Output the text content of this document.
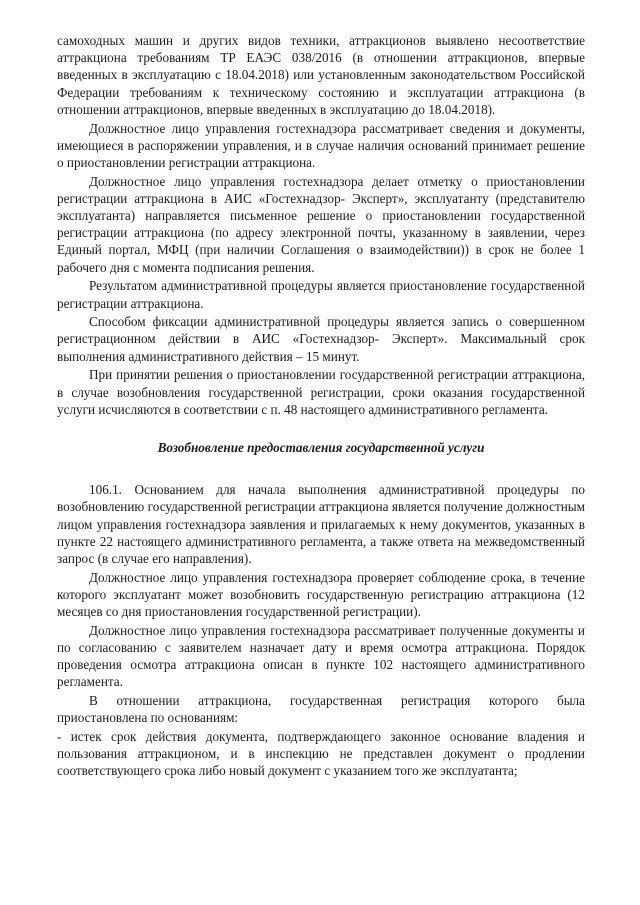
самоходных машин и других видов техники, аттракционов выявлено несоответствие аттракциона требованиям ТР ЕАЭС 038/2016 (в отношении аттракционов, впервые введенных в эксплуатацию с 18.04.2018) или установленным законодательством Российской Федерации требованиям к техническому состоянию и эксплуатации аттракциона (в отношении аттракционов, впервые введенных в эксплуатацию до 18.04.2018).

Должностное лицо управления гостехнадзора рассматривает сведения и документы, имеющиеся в распоряжении управления, и в случае наличия оснований принимает решение о приостановлении регистрации аттракциона.

Должностное лицо управления гостехнадзора делает отметку о приостановлении регистрации аттракциона в АИС «Гостехнадзор- Эксперт», эксплуатанту (представителю эксплуатанта) направляется письменное решение о приостановлении государственной регистрации аттракциона (по адресу электронной почты, указанному в заявлении, через Единый портал, МФЦ (при наличии Соглашения о взаимодействии)) в срок не более 1 рабочего дня с момента подписания решения.

Результатом административной процедуры является приостановление государственной регистрации аттракциона.

Способом фиксации административной процедуры является запись о совершенном регистрационном действии в АИС «Гостехнадзор- Эксперт». Максимальный срок выполнения административного действия – 15 минут.

При принятии решения о приостановлении государственной регистрации аттракциона, в случае возобновления государственной регистрации, сроки оказания государственной услуги исчисляются в соответствии с п. 48 настоящего административного регламента.

Возобновление предоставления государственной услуги

106.1. Основанием для начала выполнения административной процедуры по возобновлению государственной регистрации аттракциона является получение должностным лицом управления гостехнадзора заявления и прилагаемых к нему документов, указанных в пункте 22 настоящего административного регламента, а также ответа на межведомственный запрос (в случае его направления).

Должностное лицо управления гостехнадзора проверяет соблюдение срока, в течение которого эксплуатант может возобновить государственную регистрацию аттракциона (12 месяцев со дня приостановления государственной регистрации).

Должностное лицо управления гостехнадзора рассматривает полученные документы и по согласованию с заявителем назначает дату и время осмотра аттракциона. Порядок проведения осмотра аттракциона описан в пункте 102 настоящего административного регламента.

В отношении аттракциона, государственная регистрация которого была приостановлена по основаниям:

- истек срок действия документа, подтверждающего законное основание владения и пользования аттракционом, и в инспекцию не представлен документ о продлении соответствующего срока либо новый документ с указанием того же эксплуатанта;
